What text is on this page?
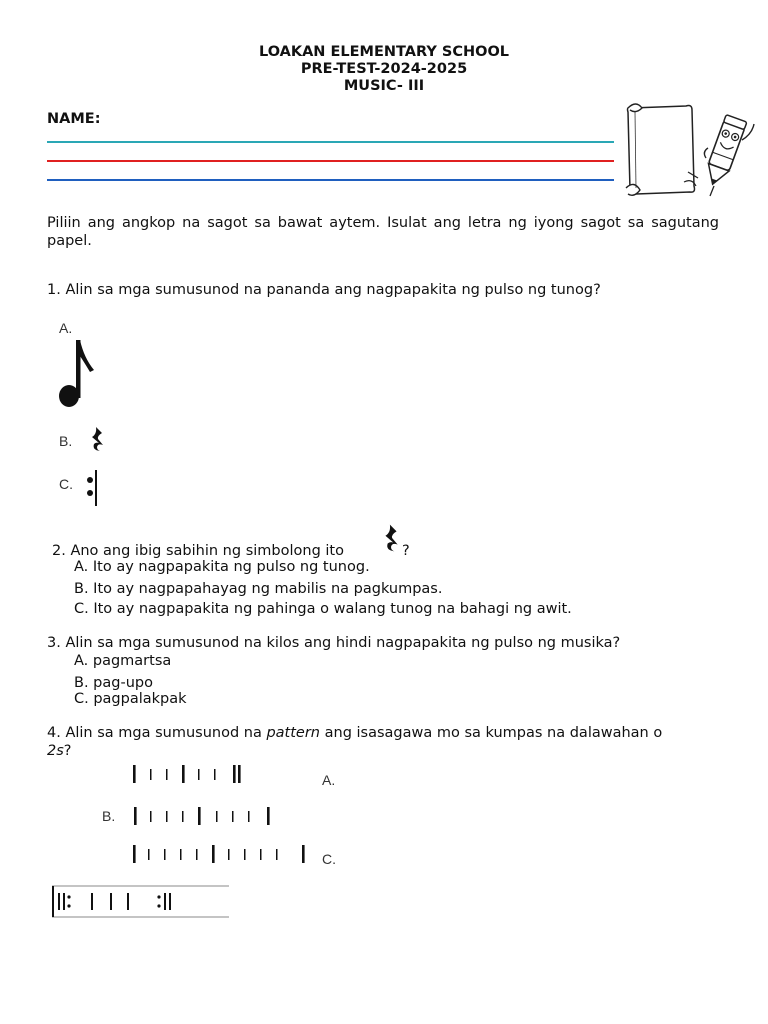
LOAKAN ELEMENTARY SCHOOL
PRE-TEST-2024-2025
MUSIC- III
NAME:
Piliin ang angkop na sagot sa bawat aytem. Isulat ang letra ng iyong sagot sa sagutang papel.
1. Alin sa mga sumusunod na pananda ang nagpapakita ng pulso ng tunog?
A.
B.
C.
2. Ano ang ibig sabihin ng simbolong ito	?
A. Ito ay nagpapakita ng pulso ng tunog.
B. Ito ay nagpapahayag ng mabilis na pagkumpas.
C. Ito ay nagpapakita ng pahinga o walang tunog na bahagi ng awit.
3. Alin sa mga sumusunod na kilos ang hindi nagpapakita ng pulso ng musika?
A. pagmartsa
B. pag-upo
C. pagpalakpak
4. Alin sa mga sumusunod na pattern ang isasagawa mo sa kumpas na dalawahan o
2s?
A.
B.
C.
